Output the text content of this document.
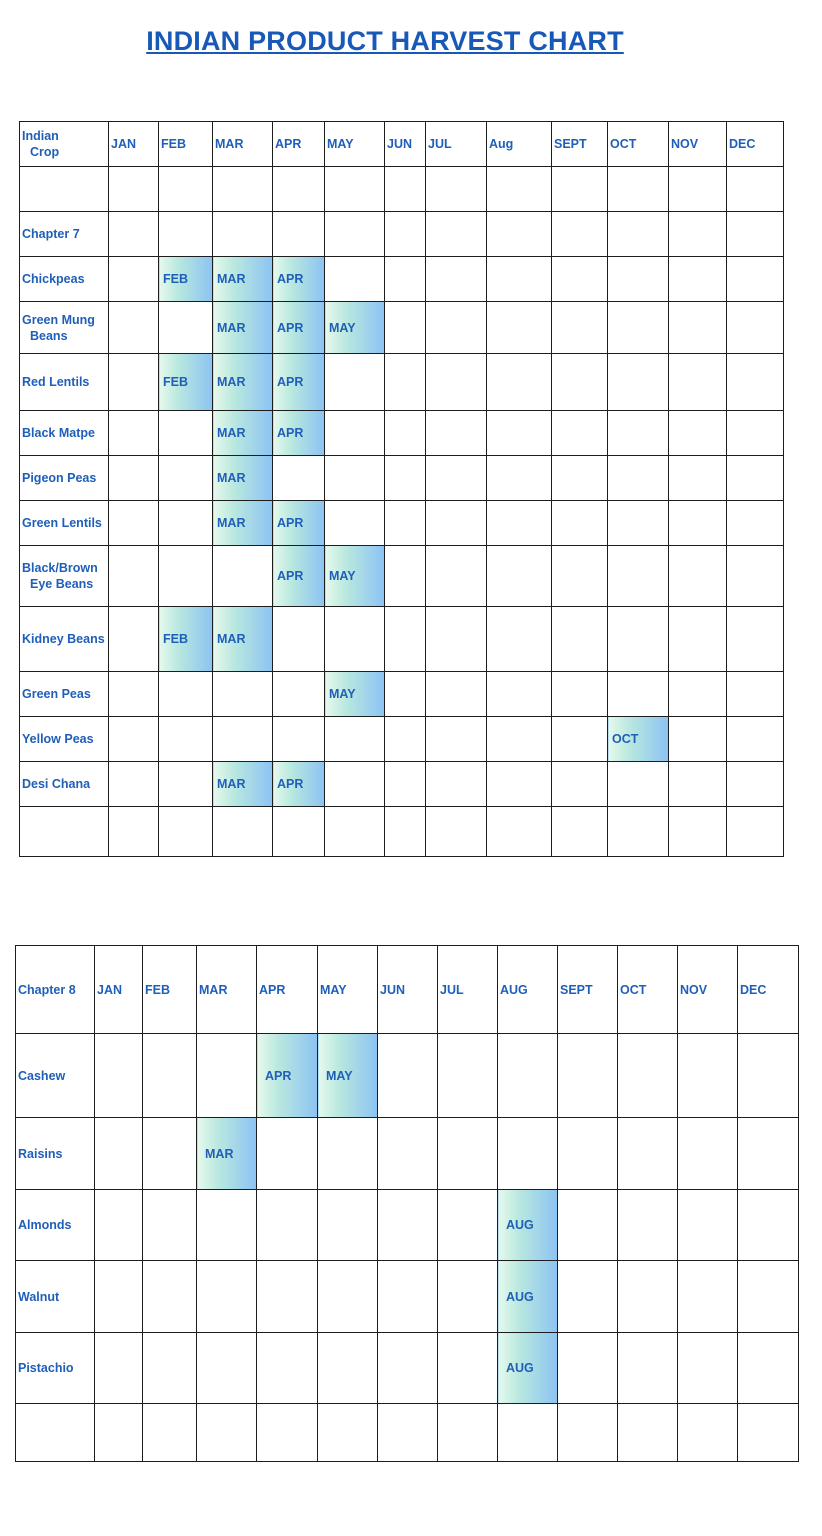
INDIAN PRODUCT HARVEST CHART
Indian
Crop	JAN	FEB	MAR	APR	MAY	JUN	JUL	Aug	SEPT	OCT	NOV	DEC

Chapter 7												
Chickpeas		FEB	MAR	APR								
Green Mung
Beans			MAR	APR	MAY							
Red Lentils		FEB	MAR	APR								
Black Matpe			MAR	APR								
Pigeon Peas			MAR									
Green Lentils			MAR	APR								
Black/Brown
Eye Beans				APR	MAY							
Kidney Beans		FEB	MAR									
Green Peas					MAY							
Yellow Peas										OCT		
Desi Chana			MAR	APR								

Chapter 8	JAN	FEB	MAR	APR	MAY	JUN	JUL	AUG	SEPT	OCT	NOV	DEC
Cashew				APR	MAY							
Raisins			MAR									
Almonds								AUG				
Walnut								AUG				
Pistachio								AUG				
